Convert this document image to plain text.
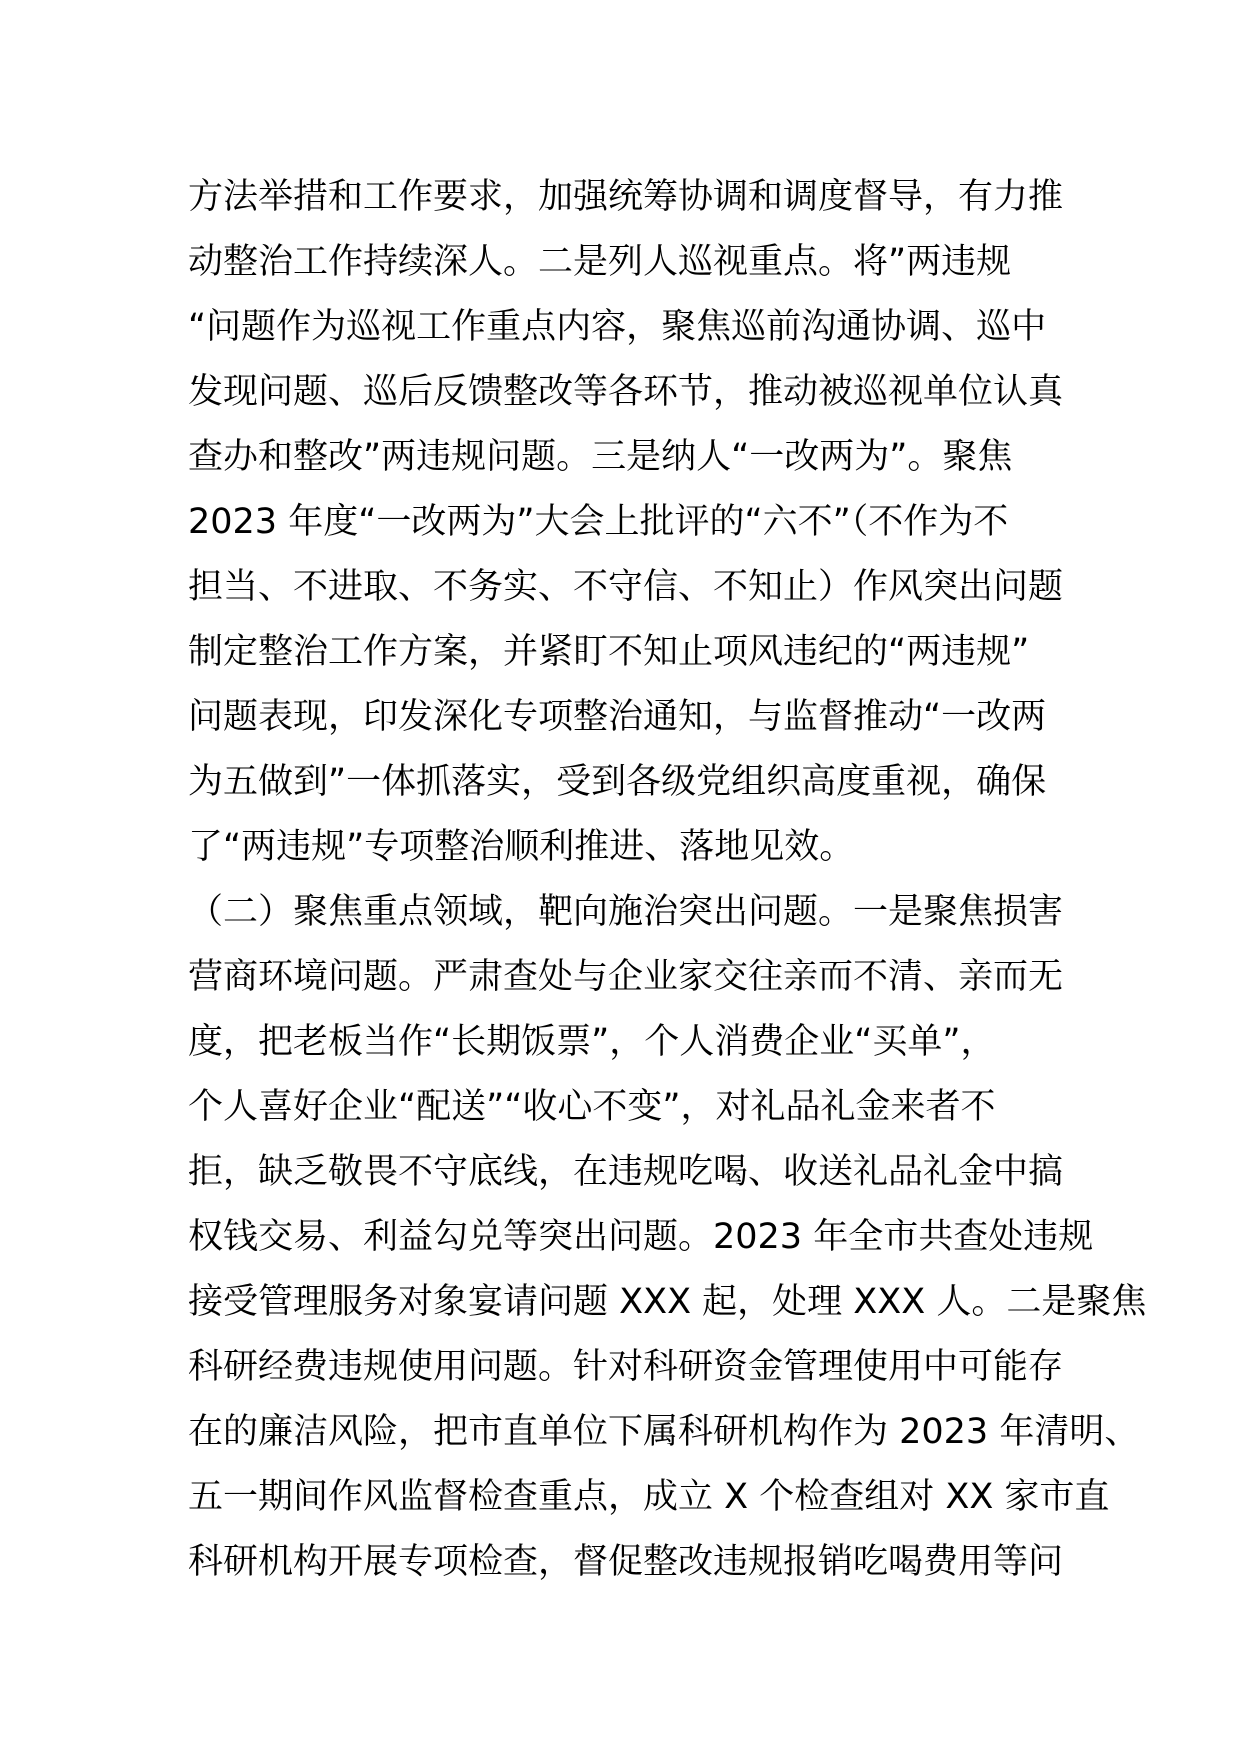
方法举措和工作要求，加强统筹协调和调度督导，有力推
动整治工作持续深人。二是列人巡视重点。将”两违规
“问题作为巡视工作重点内容，聚焦巡前沟通协调、巡中
发现问题、巡后反馈整改等各环节，推动被巡视单位认真
查办和整改”两违规问题。三是纳人“一改两为”。聚焦
2023 年度“一改两为”大会上批评的“六不”（不作为不
担当、不进取、不务实、不守信、不知止）作风突出问题
制定整治工作方案，并紧盯不知止项风违纪的“两违规”
问题表现，印发深化专项整治通知，与监督推动“一改两
为五做到”一体抓落实，受到各级党组织高度重视，确保
了“两违规”专项整治顺利推进、落地见效。
（二）聚焦重点领域，靶向施治突出问题。一是聚焦损害
营商环境问题。严肃查处与企业家交往亲而不清、亲而无
度，把老板当作“长期饭票”，个人消费企业“买单”，
个人喜好企业“配送”“收心不变”，对礼品礼金来者不
拒，缺乏敬畏不守底线，在违规吃喝、收送礼品礼金中搞
权钱交易、利益勾兑等突出问题。2023 年全市共查处违规
接受管理服务对象宴请问题 XXX 起，处理 XXX 人。二是聚焦
科研经费违规使用问题。针对科研资金管理使用中可能存
在的廉洁风险，把市直单位下属科研机构作为 2023 年清明、
五一期间作风监督检查重点，成立 X 个检查组对 XX 家市直
科研机构开展专项检查，督促整改违规报销吃喝费用等问
